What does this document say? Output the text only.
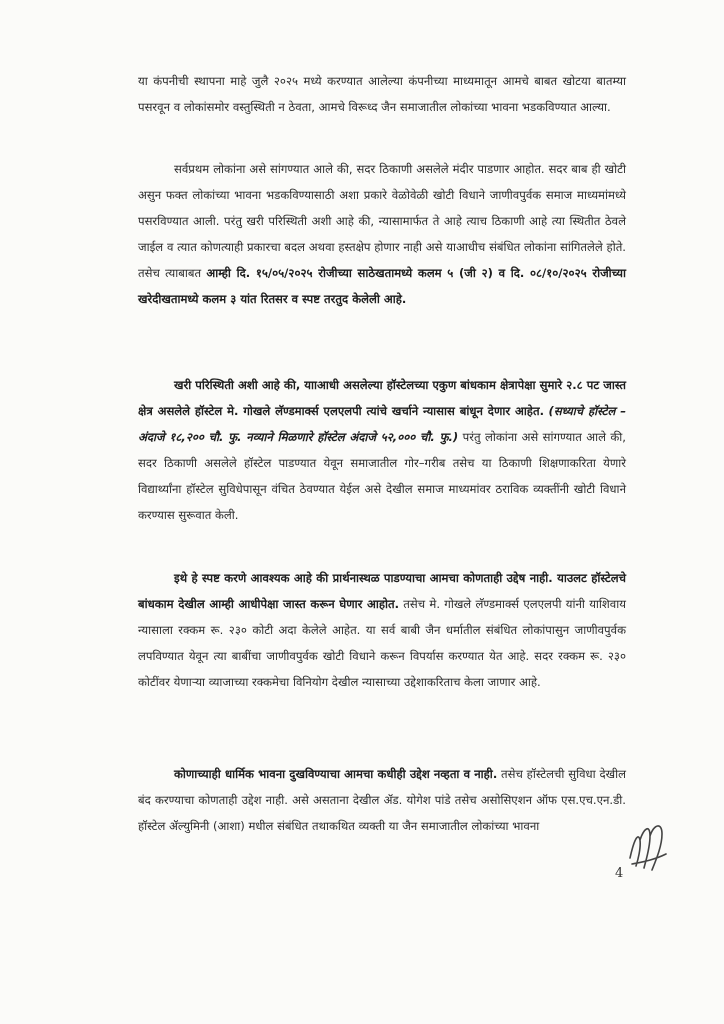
या कंपनीची स्थापना माहे जुलै २०२५ मध्ये करण्यात आलेल्या कंपनीच्या माध्यमातून आमचे बाबत खोटया बातम्या पसरवून व लोकांसमोर वस्तुस्थिती न ठेवता, आमचे विरूध्द जैन समाजातील लोकांच्या भावना भडकविण्यात आल्या.

सर्वप्रथम लोकांना असे सांगण्यात आले की, सदर ठिकाणी असलेले मंदीर पाडणार आहोत. सदर बाब ही खोटी असुन फक्त लोकांच्या भावना भडकविण्यासाठी अशा प्रकारे वेळोवेळी खोटी विधाने जाणीवपुर्वक समाज माध्यमांमध्ये पसरविण्यात आली. परंतु खरी परिस्थिती अशी आहे की, न्यासामार्फत ते आहे त्याच ठिकाणी आहे त्या स्थितीत ठेवले जाईल व त्यात कोणत्याही प्रकारचा बदल अथवा हस्तक्षेप होणार नाही असे याआधीच संबंधित लोकांना सांगितलेले होते. तसेच त्याबाबत आम्ही दि. १५/०५/२०२५ रोजीच्या साठेखतामध्ये कलम ५ (जी २) व दि. ०८/१०/२०२५ रोजीच्या खरेदीखतामध्ये कलम ३ यांत रितसर व स्पष्ट तरतुद केलेली आहे.

खरी परिस्थिती अशी आहे की, यााआधी असलेल्या हॉस्टेलच्या एकुण बांधकाम क्षेत्रापेक्षा सुमारे २.८ पट जास्त क्षेत्र असलेले हॉस्टेल मे. गोखले लॅण्डमार्क्स एलएलपी त्यांचे खर्चाने न्यासास बांधून देणार आहेत. (सध्याचे हॉस्टेल – अंदाजे १८,२०० चौ. फु. नव्याने मिळणारे हॉस्टेल अंदाजे ५२,००० चौ. फु.) परंतु लोकांना असे सांगण्यात आले की, सदर ठिकाणी असलेले हॉस्टेल पाडण्यात येवून समाजातील गोर–गरीब तसेच या ठिकाणी शिक्षणाकरिता येणारे विद्यार्थ्यांना हॉस्टेल सुविधेपासून वंचित ठेवण्यात येईल असे देखील समाज माध्यमांवर ठराविक व्यक्तींनी खोटी विधाने करण्यास सुरूवात केली.

इथे हे स्पष्ट करणे आवश्यक आहे की प्रार्थनास्थळ पाडण्याचा आमचा कोणताही उद्देष नाही. याउलट हॉस्टेलचे बांधकाम देखील आम्ही आधीपेक्षा जास्त करून घेणार आहोत. तसेच मे. गोखले लॅण्डमार्क्स एलएलपी यांनी याशिवाय न्यासाला रक्कम रू. २३० कोटी अदा केलेले आहेत. या सर्व बाबी जैन धर्मातील संबंधित लोकांपासुन जाणीवपुर्वक लपविण्यात येवून त्या बाबींचा जाणीवपुर्वक खोटी विधाने करून विपर्यास करण्यात येत आहे. सदर रक्कम रू. २३० कोटींवर येणाऱ्या व्याजाच्या रक्कमेचा विनियोग देखील न्यासाच्या उद्देशाकरिताच केला जाणार आहे.

कोणाच्याही धार्मिक भावना दुखविण्याचा आमचा कधीही उद्देश नव्हता व नाही. तसेच हॉस्टेलची सुविधा देखील बंद करण्याचा कोणताही उद्देश नाही. असे असताना देखील ॲड. योगेश पांडे तसेच असोसिएशन ऑफ एस.एच.एन.डी. हॉस्टेल ॲल्युमिनी (आशा) मधील संबंधित तथाकथित व्यक्ती या जैन समाजातील लोकांच्या भावना

4
